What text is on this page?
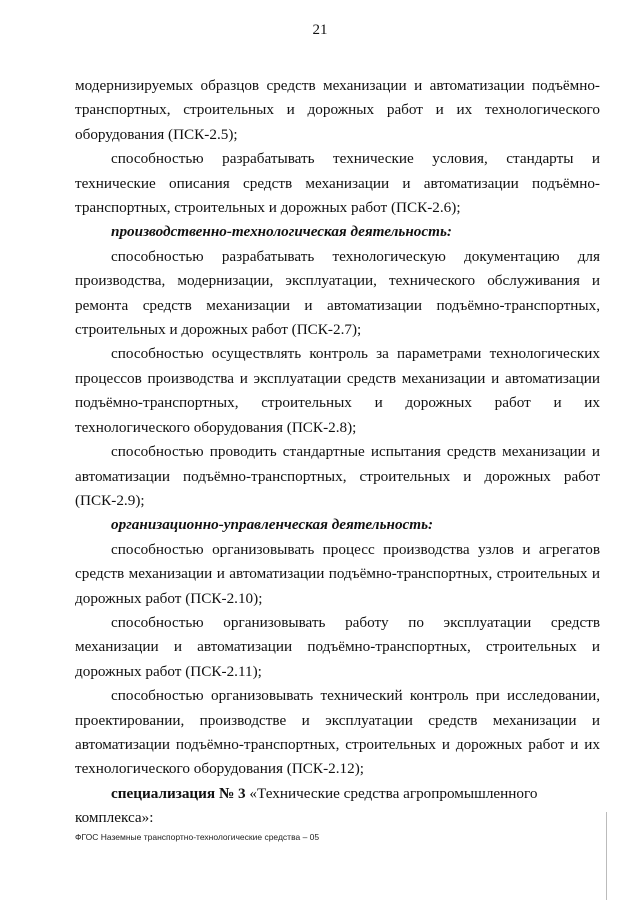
21

модернизируемых образцов средств механизации и автоматизации подъёмно-транспортных, строительных и дорожных работ и их технологического оборудования (ПСК-2.5);

способностью разрабатывать технические условия, стандарты и технические описания средств механизации и автоматизации подъёмно-транспортных, строительных и дорожных работ (ПСК-2.6);

производственно-технологическая деятельность:

способностью разрабатывать технологическую документацию для производства, модернизации, эксплуатации, технического обслуживания и ремонта средств механизации и автоматизации подъёмно-транспортных, строительных и дорожных работ (ПСК-2.7);

способностью осуществлять контроль за параметрами технологических процессов производства и эксплуатации средств механизации и автоматизации подъёмно-транспортных, строительных и дорожных работ и их технологического оборудования (ПСК-2.8);

способностью проводить стандартные испытания средств механизации и автоматизации подъёмно-транспортных, строительных и дорожных работ (ПСК-2.9);

организационно-управленческая деятельность:

способностью организовывать процесс производства узлов и агрегатов средств механизации и автоматизации подъёмно-транспортных, строительных и дорожных работ (ПСК-2.10);

способностью организовывать работу по эксплуатации средств механизации и автоматизации подъёмно-транспортных, строительных и дорожных работ (ПСК-2.11);

способностью организовывать технический контроль при исследовании, проектировании, производстве и эксплуатации средств механизации и автоматизации подъёмно-транспортных, строительных и дорожных работ и их технологического оборудования (ПСК-2.12);

специализация № 3 «Технические средства агропромышленного комплекса»:

ФГОС Наземные транспортно-технологические средства – 05
